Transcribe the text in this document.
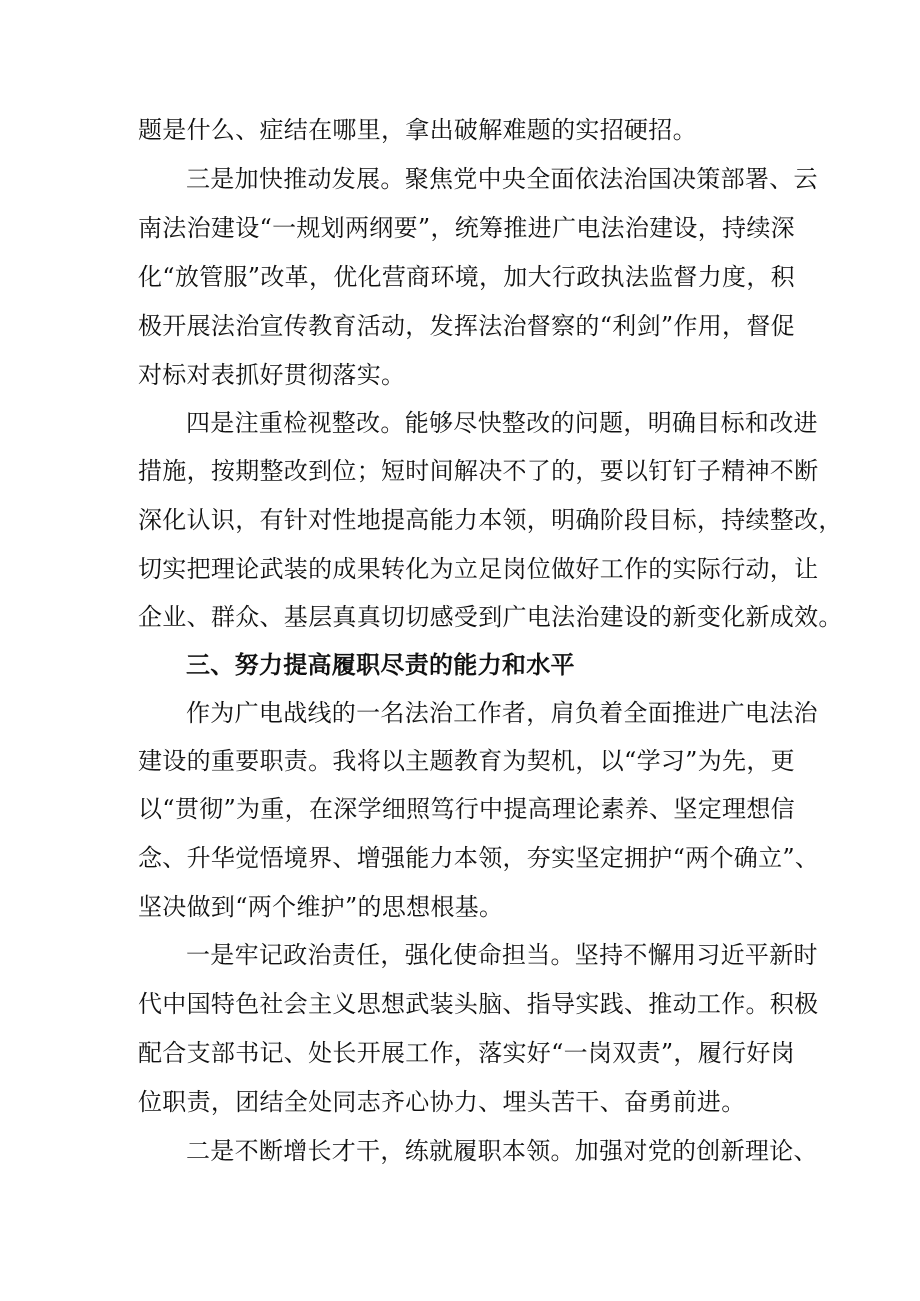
题是什么、症结在哪里，拿出破解难题的实招硬招。
三是加快推动发展。聚焦党中央全面依法治国决策部署、云
南法治建设“一规划两纲要”，统筹推进广电法治建设，持续深
化“放管服”改革，优化营商环境，加大行政执法监督力度，积
极开展法治宣传教育活动，发挥法治督察的“利剑”作用，督促
对标对表抓好贯彻落实。
四是注重检视整改。能够尽快整改的问题，明确目标和改进
措施，按期整改到位；短时间解决不了的，要以钉钉子精神不断
深化认识，有针对性地提高能力本领，明确阶段目标，持续整改，
切实把理论武装的成果转化为立足岗位做好工作的实际行动，让
企业、群众、基层真真切切感受到广电法治建设的新变化新成效。
三、努力提高履职尽责的能力和水平
作为广电战线的一名法治工作者，肩负着全面推进广电法治
建设的重要职责。我将以主题教育为契机，以“学习”为先，更
以“贯彻”为重，在深学细照笃行中提高理论素养、坚定理想信
念、升华觉悟境界、增强能力本领，夯实坚定拥护“两个确立”、
坚决做到“两个维护”的思想根基。
一是牢记政治责任，强化使命担当。坚持不懈用习近平新时
代中国特色社会主义思想武装头脑、指导实践、推动工作。积极
配合支部书记、处长开展工作，落实好“一岗双责”，履行好岗
位职责，团结全处同志齐心协力、埋头苦干、奋勇前进。
二是不断增长才干，练就履职本领。加强对党的创新理论、
